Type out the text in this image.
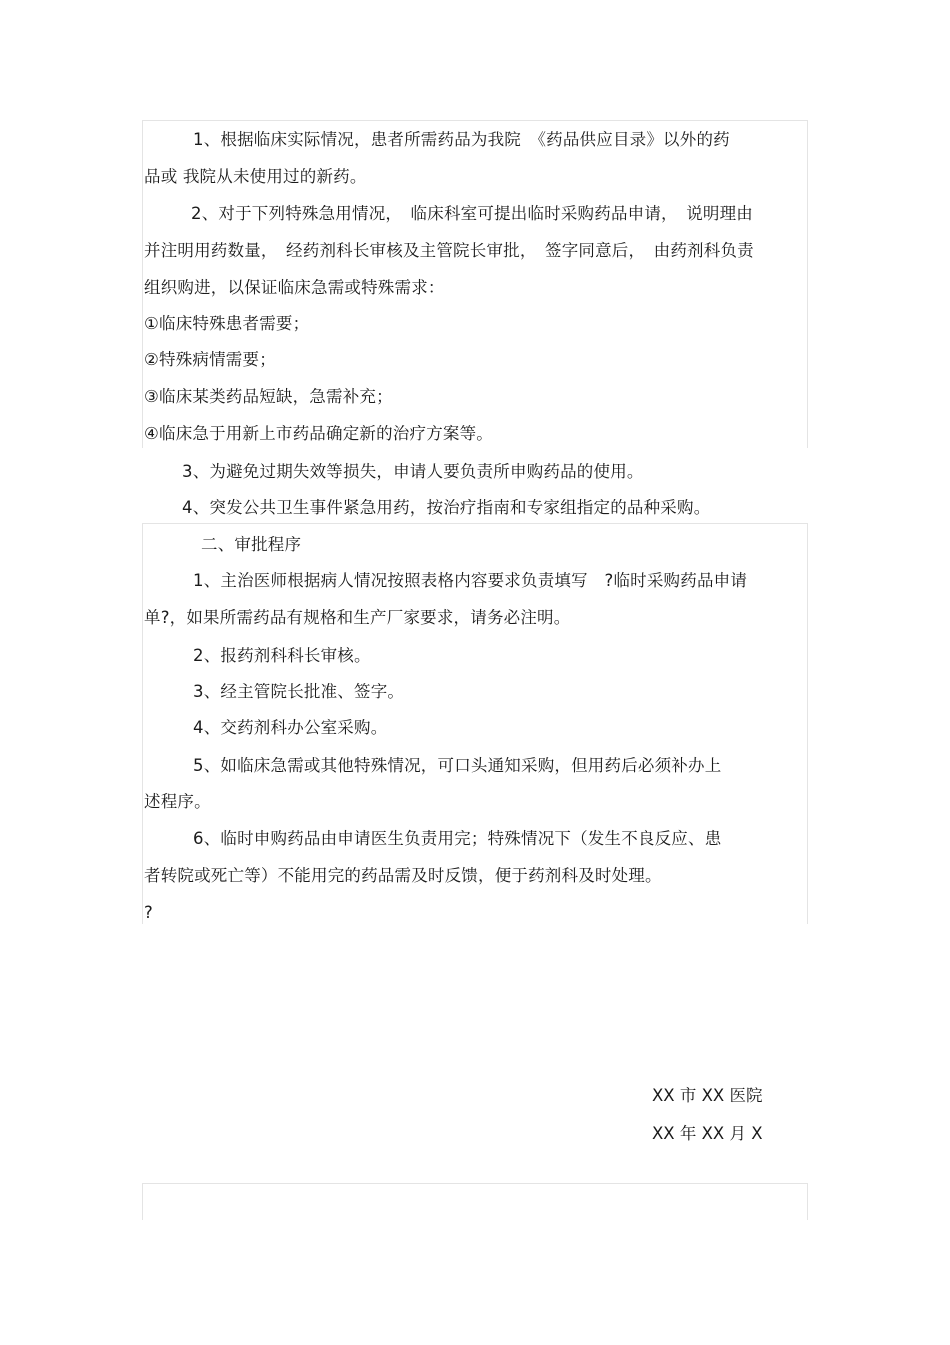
1、根据临床实际情况，患者所需药品为我院　《药品供应目录》以外的药
品或 我院从未使用过的新药。
2、对于下列特殊急用情况，　临床科室可提出临时采购药品申请，　说明理由
并注明用药数量，　经药剂科长审核及主管院长审批，　签字同意后，　由药剂科负责
组织购进，以保证临床急需或特殊需求：
①临床特殊患者需要；
②特殊病情需要；
③临床某类药品短缺，急需补充；
④临床急于用新上市药品确定新的治疗方案等。
3、为避免过期失效等损失，申请人要负责所申购药品的使用。
4、突发公共卫生事件紧急用药，按治疗指南和专家组指定的品种采购。
二、审批程序
1、主治医师根据病人情况按照表格内容要求负责填写　?临时采购药品申请
单?，如果所需药品有规格和生产厂家要求，请务必注明。
2、报药剂科科长审核。
3、经主管院长批准、签字。
4、交药剂科办公室采购。
5、如临床急需或其他特殊情况，可口头通知采购，但用药后必须补办上
述程序。
6、临时申购药品由申请医生负责用完；特殊情况下（发生不良反应、患
者转院或死亡等）不能用完的药品需及时反馈，便于药剂科及时处理。
?
XX 市 XX 医院
XX 年 XX 月 X
